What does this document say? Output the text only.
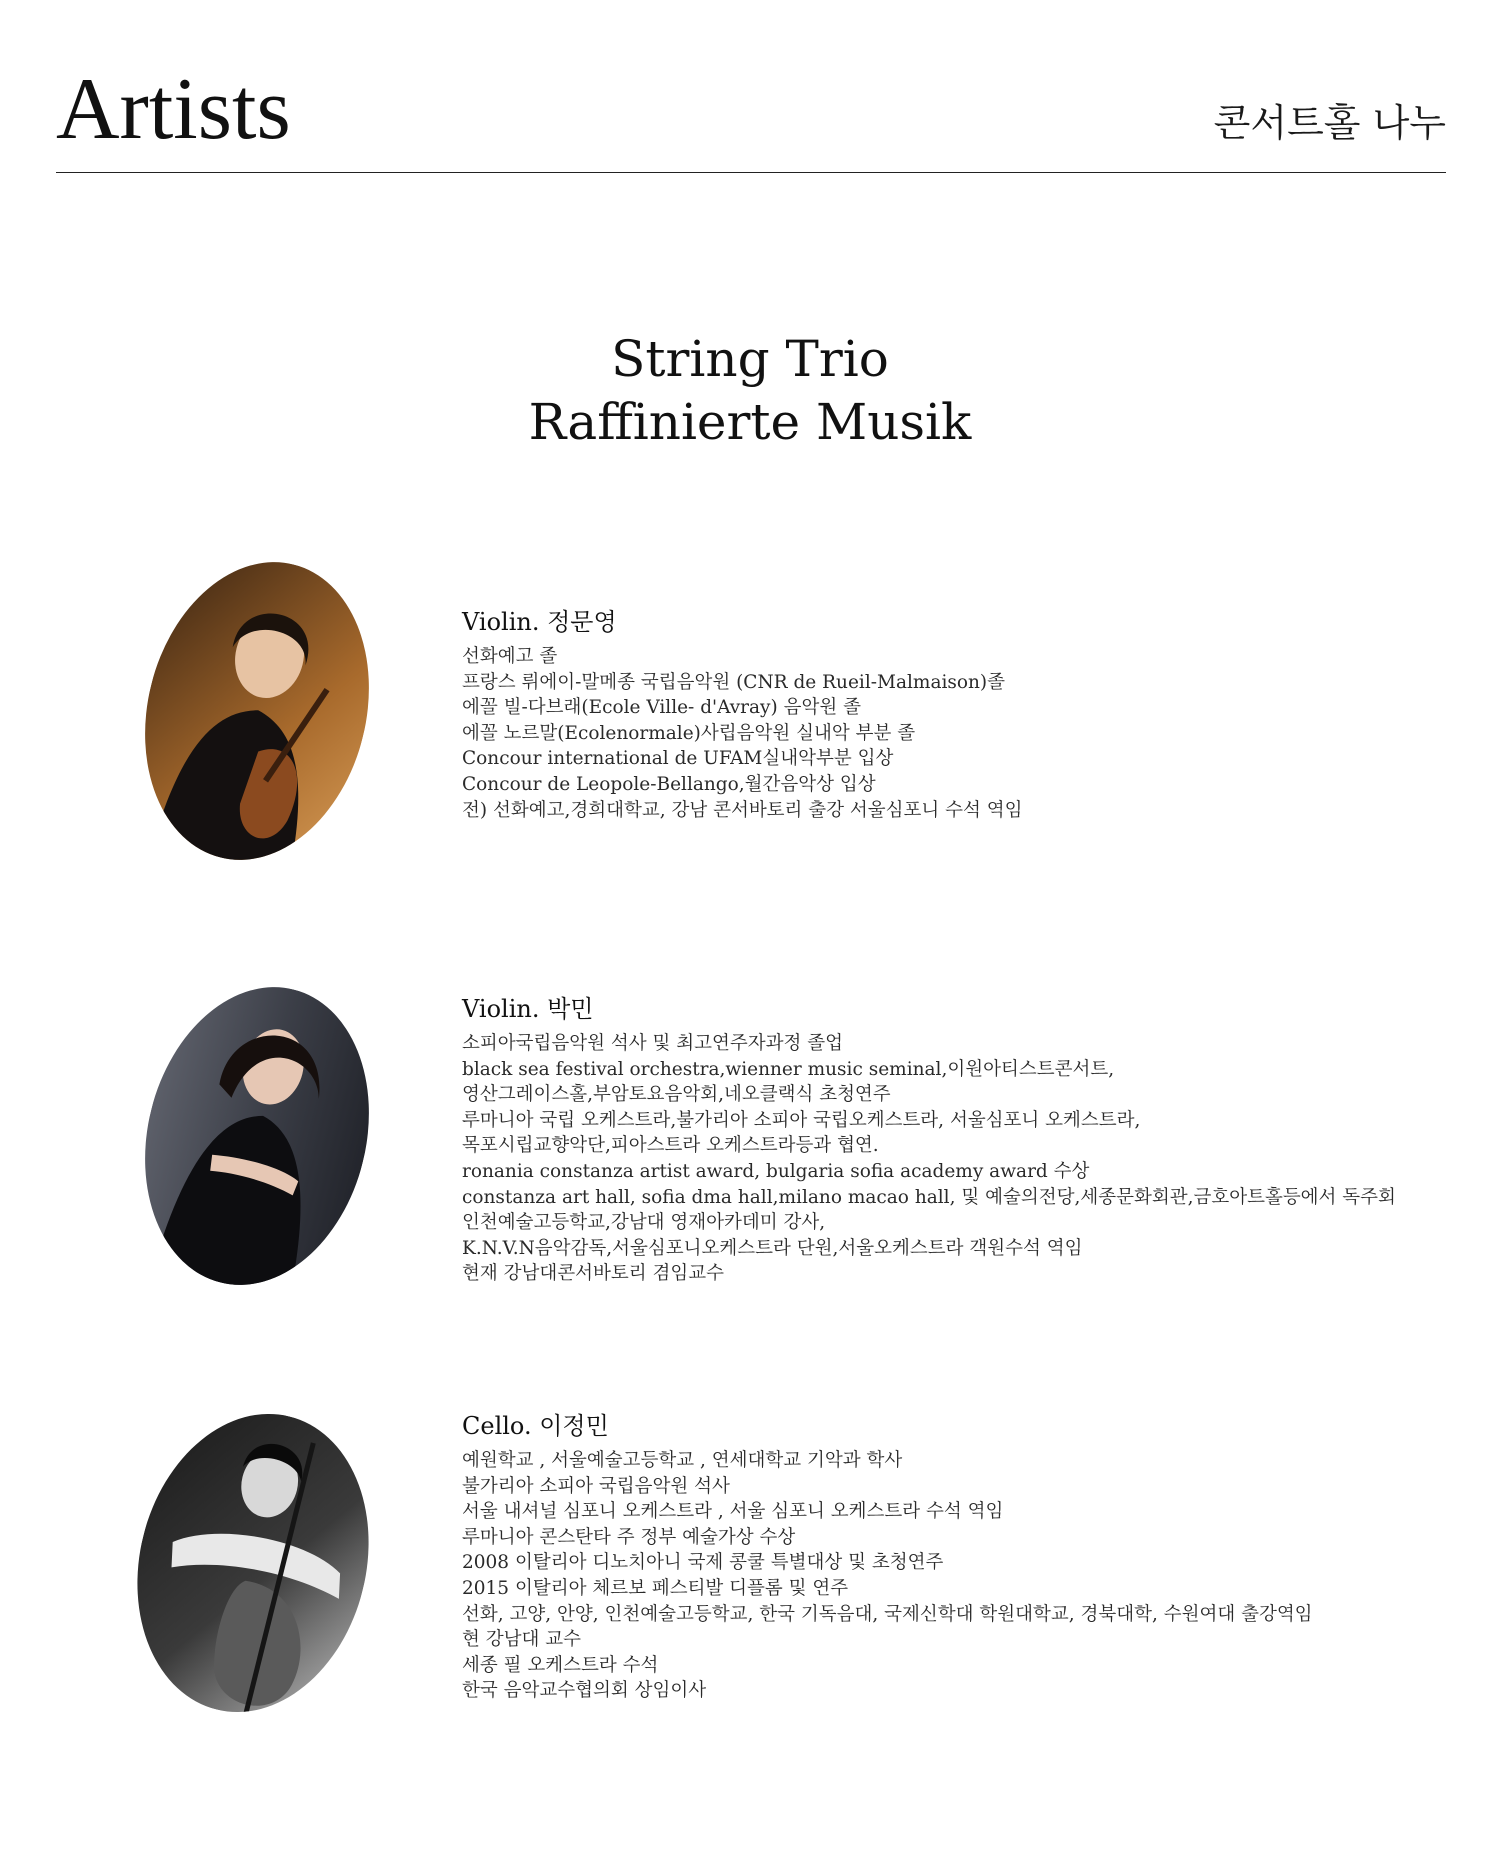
Artists	콘서트홀 나누
String Trio
Raffinierte Musik
Violin. 정문영
선화예고 졸
프랑스 뤼에이-말메종 국립음악원 (CNR de Rueil-Malmaison)졸
에꼴 빌-다브래(Ecole Ville- d'Avray) 음악원 졸
에꼴 노르말(Ecolenormale)사립음악원 실내악 부분 졸
Concour international de UFAM실내악부분 입상
Concour de Leopole-Bellango,월간음악상 입상
전) 선화예고,경희대학교, 강남 콘서바토리 출강 서울심포니 수석 역임
Violin. 박민
소피아국립음악원 석사 및 최고연주자과정 졸업
black sea festival orchestra,wienner music seminal,이원아티스트콘서트,
영산그레이스홀,부암토요음악회,네오클랙식 초청연주
루마니아 국립 오케스트라,불가리아 소피아 국립오케스트라, 서울심포니 오케스트라,
목포시립교향악단,피아스트라 오케스트라등과 협연.
ronania constanza artist award, bulgaria sofia academy award 수상
constanza art hall, sofia dma hall,milano macao hall, 및 예술의전당,세종문화회관,금호아트홀등에서 독주회
인천예술고등학교,강남대 영재아카데미 강사,
K.N.V.N음악감독,서울심포니오케스트라 단원,서울오케스트라 객원수석 역임
현재 강남대콘서바토리 겸임교수
Cello. 이정민
예원학교 , 서울예술고등학교 , 연세대학교 기악과 학사
불가리아 소피아 국립음악원 석사
서울 내셔널 심포니 오케스트라 , 서울 심포니 오케스트라 수석 역임
루마니아 콘스탄타 주 정부 예술가상 수상
2008 이탈리아 디노치아니 국제 콩쿨 특별대상 및 초청연주
2015 이탈리아 체르보 페스티발 디플롬 및 연주
선화, 고양, 안양, 인천예술고등학교, 한국 기독음대, 국제신학대 학원대학교, 경북대학, 수원여대 출강역임
현 강남대 교수
세종 필 오케스트라 수석
한국 음악교수협의회 상임이사
